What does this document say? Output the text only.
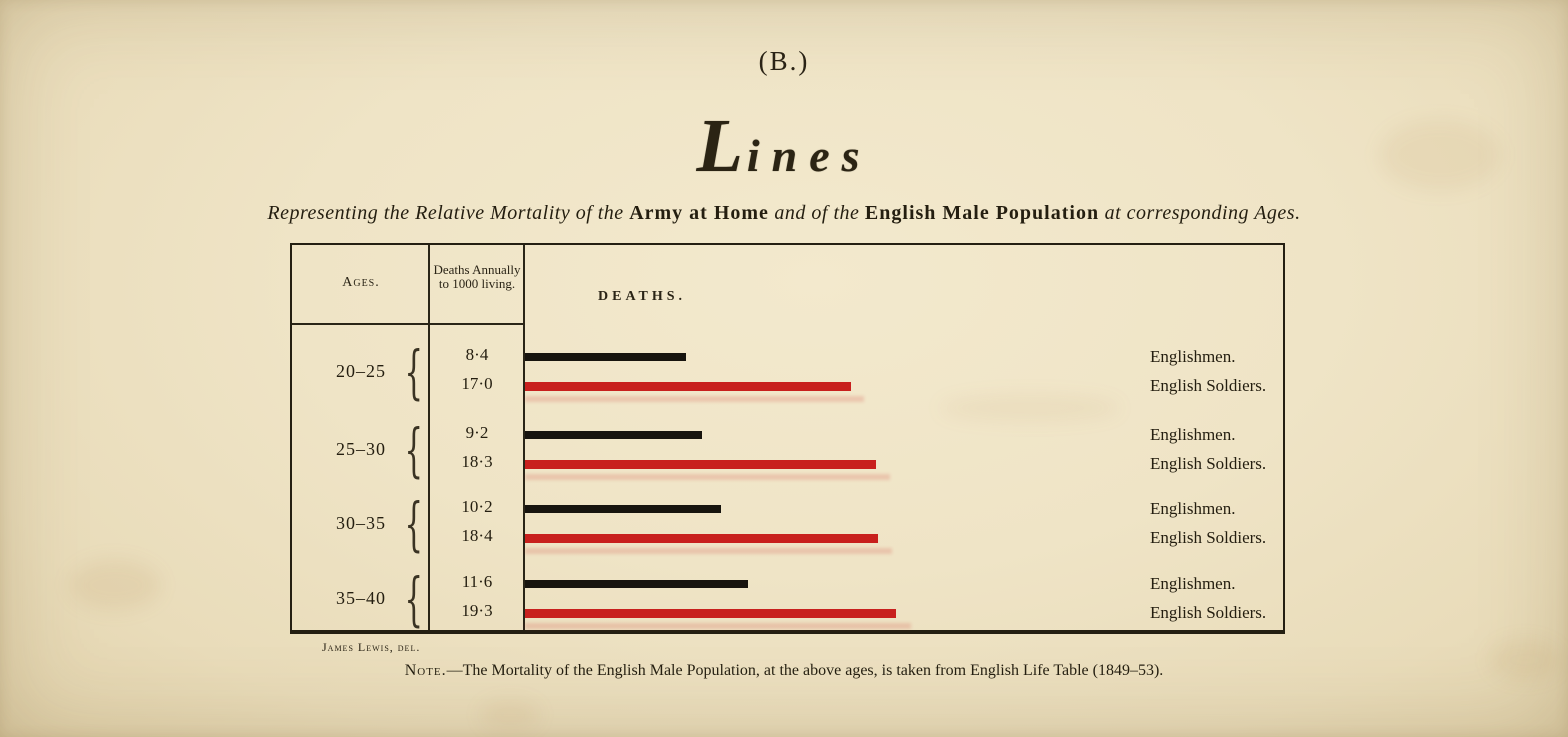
(B.)
Lines
Representing the Relative Mortality of the Army at Home and of the English Male Population at corresponding Ages.
Ages.
Deaths Annually to 1000 living.
DEATHS.
20–25 {	8·4	Englishmen.
17·0	English Soldiers.
25–30 {	9·2	Englishmen.
18·3	English Soldiers.
30–35 {	10·2	Englishmen.
18·4	English Soldiers.
35–40 {	11·6	Englishmen.
19·3	English Soldiers.
James Lewis, del.
Note.—The Mortality of the English Male Population, at the above ages, is taken from English Life Table (1849–53).
